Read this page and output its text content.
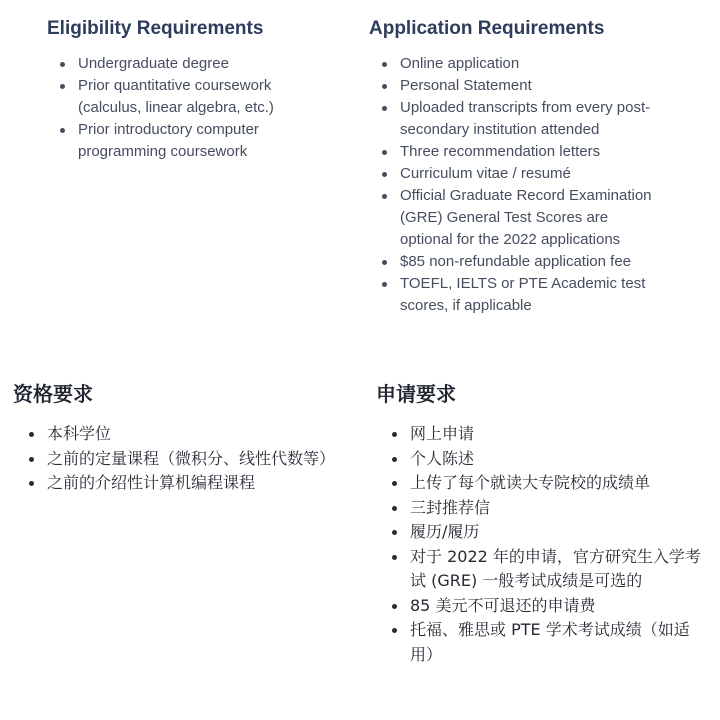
Eligibility Requirements
Undergraduate degree
Prior quantitative coursework (calculus, linear algebra, etc.)
Prior introductory computer programming coursework
Application Requirements
Online application
Personal Statement
Uploaded transcripts from every post-secondary institution attended
Three recommendation letters
Curriculum vitae / resumé
Official Graduate Record Examination (GRE) General Test Scores are optional for the 2022 applications
$85 non-refundable application fee
TOEFL, IELTS or PTE Academic test scores, if applicable
资格要求
本科学位
之前的定量课程（微积分、线性代数等）
之前的介绍性计算机编程课程
申请要求
网上申请
个人陈述
上传了每个就读大专院校的成绩单
三封推荐信
履历/履历
对于 2022 年的申请，官方研究生入学考试 (GRE) 一般考试成绩是可选的
85 美元不可退还的申请费
托福、雅思或 PTE 学术考试成绩（如适用）
